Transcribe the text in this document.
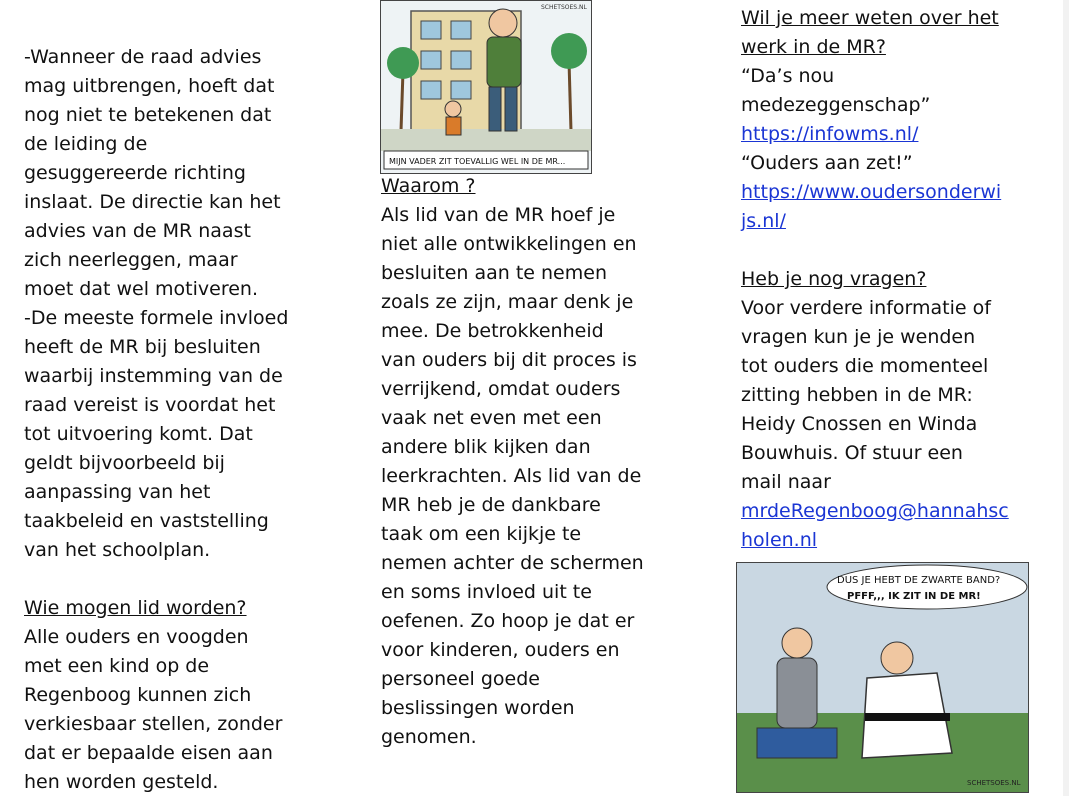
-Wanneer de raad advies
mag uitbrengen, hoeft dat
nog niet te betekenen dat
de leiding de
gesuggereerde richting
inslaat. De directie kan het
advies van de MR naast
zich neerleggen, maar
moet dat wel motiveren.

-De meeste formele invloed
heeft de MR bij besluiten
waarbij instemming van de
raad vereist is voordat het
tot uitvoering komt. Dat
geldt bijvoorbeeld bij
aanpassing van het
taakbeleid en vaststelling
van het schoolplan.

Wie mogen lid worden?
Alle ouders en voogden
met een kind op de
Regenboog kunnen zich
verkiesbaar stellen, zonder
dat er bepaalde eisen aan
hen worden gesteld.

MIJN VADER ZIT TOEVALLIG WEL IN DE MR...
SCHETSOES.NL

Waarom ?
Als lid van de MR hoef je
niet alle ontwikkelingen en
besluiten aan te nemen
zoals ze zijn, maar denk je
mee. De betrokkenheid
van ouders bij dit proces is
verrijkend, omdat ouders
vaak net even met een
andere blik kijken dan
leerkrachten. Als lid van de
MR heb je de dankbare
taak om een kijkje te
nemen achter de schermen
en soms invloed uit te
oefenen. Zo hoop je dat er
voor kinderen, ouders en
personeel goede
beslissingen worden
genomen.

Wil je meer weten over het
werk in de MR?
“Da’s nou
medezeggenschap”
https://infowms.nl/
“Ouders aan zet!”
https://www.oudersonderwi
js.nl/

Heb je nog vragen?
Voor verdere informatie of
vragen kun je je wenden
tot ouders die momenteel
zitting hebben in de MR:
Heidy Cnossen en Winda
Bouwhuis. Of stuur een
mail naar
mrdeRegenboog@hannahsc
holen.nl

DUS JE HEBT DE ZWARTE BAND?
PFFF,,, IK ZIT IN DE MR!
SCHETSOES.NL
